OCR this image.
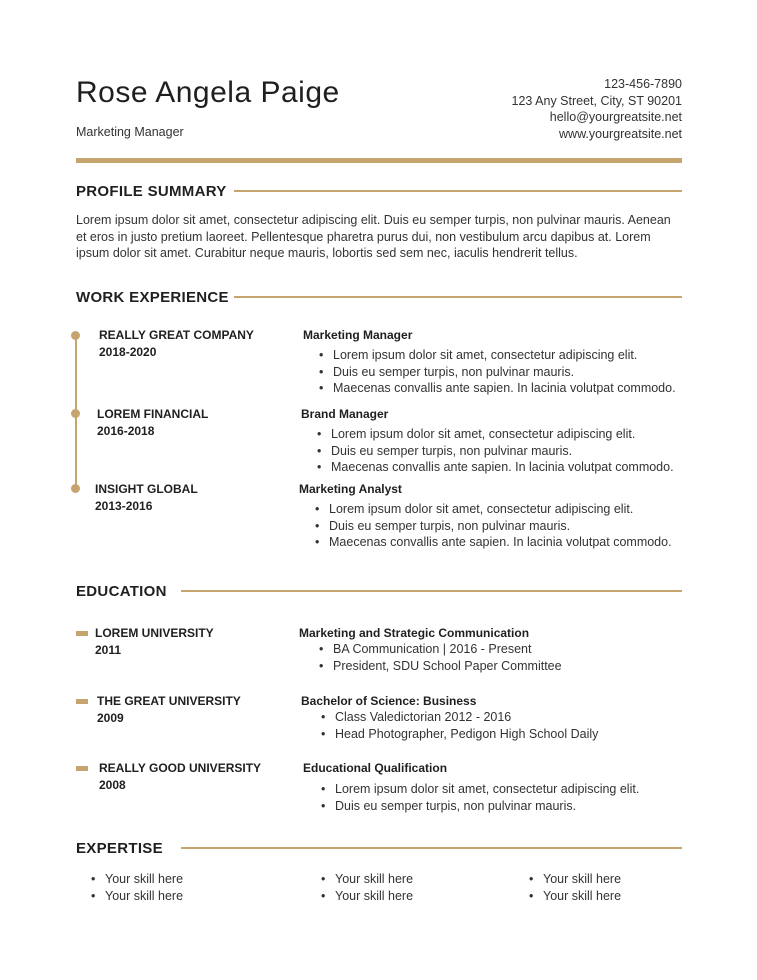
Rose Angela Paige
Marketing Manager
123-456-7890
123 Any Street, City, ST 90201
hello@yourgreatsite.net
www.yourgreatsite.net
PROFILE SUMMARY
Lorem ipsum dolor sit amet, consectetur adipiscing elit. Duis eu semper turpis, non pulvinar mauris. Aenean et eros in justo pretium laoreet. Pellentesque pharetra purus dui, non vestibulum arcu dapibus at. Lorem ipsum dolor sit amet. Curabitur neque mauris, lobortis sed sem nec, iaculis hendrerit tellus.
WORK EXPERIENCE
REALLY GREAT COMPANY
2018-2020
Marketing Manager
• Lorem ipsum dolor sit amet, consectetur adipiscing elit.
• Duis eu semper turpis, non pulvinar mauris.
• Maecenas convallis ante sapien. In lacinia volutpat commodo.
LOREM FINANCIAL
2016-2018
Brand Manager
• Lorem ipsum dolor sit amet, consectetur adipiscing elit.
• Duis eu semper turpis, non pulvinar mauris.
• Maecenas convallis ante sapien. In lacinia volutpat commodo.
INSIGHT GLOBAL
2013-2016
Marketing Analyst
• Lorem ipsum dolor sit amet, consectetur adipiscing elit.
• Duis eu semper turpis, non pulvinar mauris.
• Maecenas convallis ante sapien. In lacinia volutpat commodo.
EDUCATION
LOREM UNIVERSITY
2011
Marketing and Strategic Communication
• BA Communication | 2016 - Present
• President, SDU School Paper Committee
THE GREAT UNIVERSITY
2009
Bachelor of Science: Business
• Class Valedictorian 2012 - 2016
• Head Photographer, Pedigon High School Daily
REALLY GOOD UNIVERSITY
2008
Educational Qualification
• Lorem ipsum dolor sit amet, consectetur adipiscing elit.
• Duis eu semper turpis, non pulvinar mauris.
EXPERTISE
• Your skill here
• Your skill here
• Your skill here
• Your skill here
• Your skill here
• Your skill here
